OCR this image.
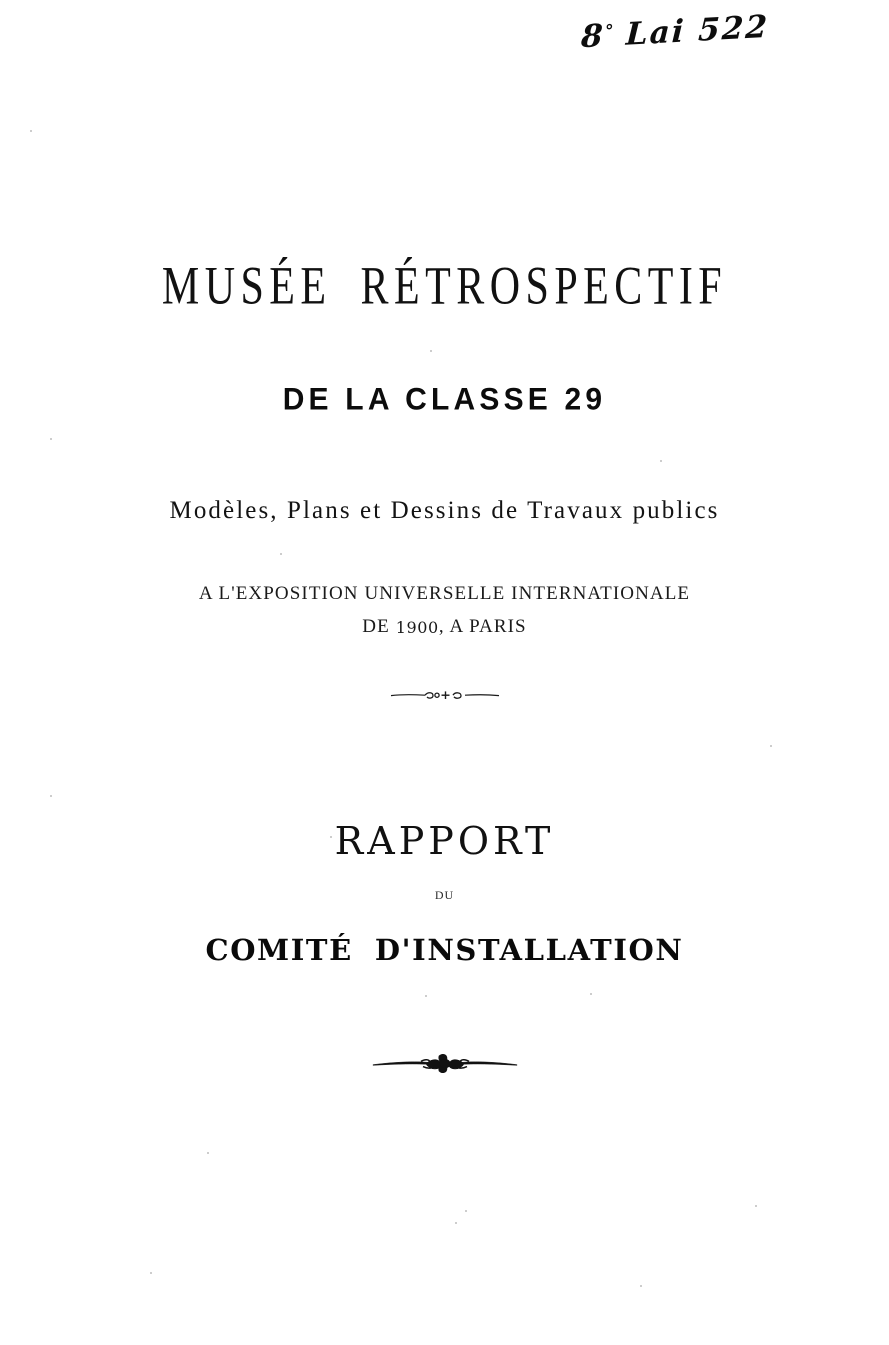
8° Lai 522
MUSÉE RÉTROSPECTIF
DE LA CLASSE 29
Modèles, Plans et Dessins de Travaux publics
A L'EXPOSITION UNIVERSELLE INTERNATIONALE
DE 1900, A PARIS
RAPPORT
DU
COMITÉ D'INSTALLATION
